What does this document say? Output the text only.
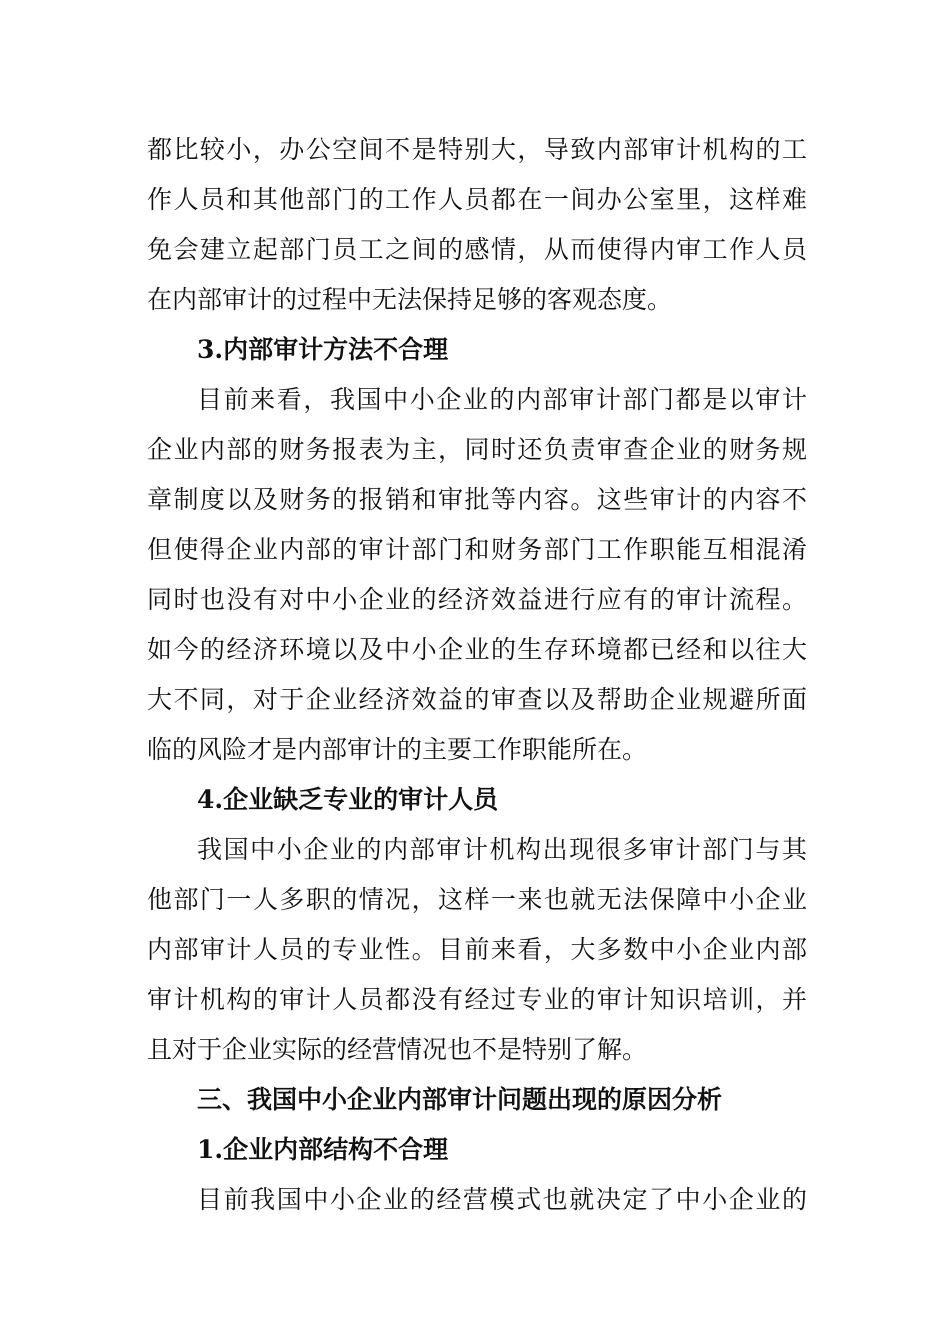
都比较小，办公空间不是特别大，导致内部审计机构的工
作人员和其他部门的工作人员都在一间办公室里，这样难
免会建立起部门员工之间的感情，从而使得内审工作人员
在内部审计的过程中无法保持足够的客观态度。
3.内部审计方法不合理
目前来看，我国中小企业的内部审计部门都是以审计
企业内部的财务报表为主，同时还负责审查企业的财务规
章制度以及财务的报销和审批等内容。这些审计的内容不
但使得企业内部的审计部门和财务部门工作职能互相混淆
同时也没有对中小企业的经济效益进行应有的审计流程。
如今的经济环境以及中小企业的生存环境都已经和以往大
大不同，对于企业经济效益的审查以及帮助企业规避所面
临的风险才是内部审计的主要工作职能所在。
4.企业缺乏专业的审计人员
我国中小企业的内部审计机构出现很多审计部门与其
他部门一人多职的情况，这样一来也就无法保障中小企业
内部审计人员的专业性。目前来看，大多数中小企业内部
审计机构的审计人员都没有经过专业的审计知识培训，并
且对于企业实际的经营情况也不是特别了解。
三、我国中小企业内部审计问题出现的原因分析
1.企业内部结构不合理
目前我国中小企业的经营模式也就决定了中小企业的
